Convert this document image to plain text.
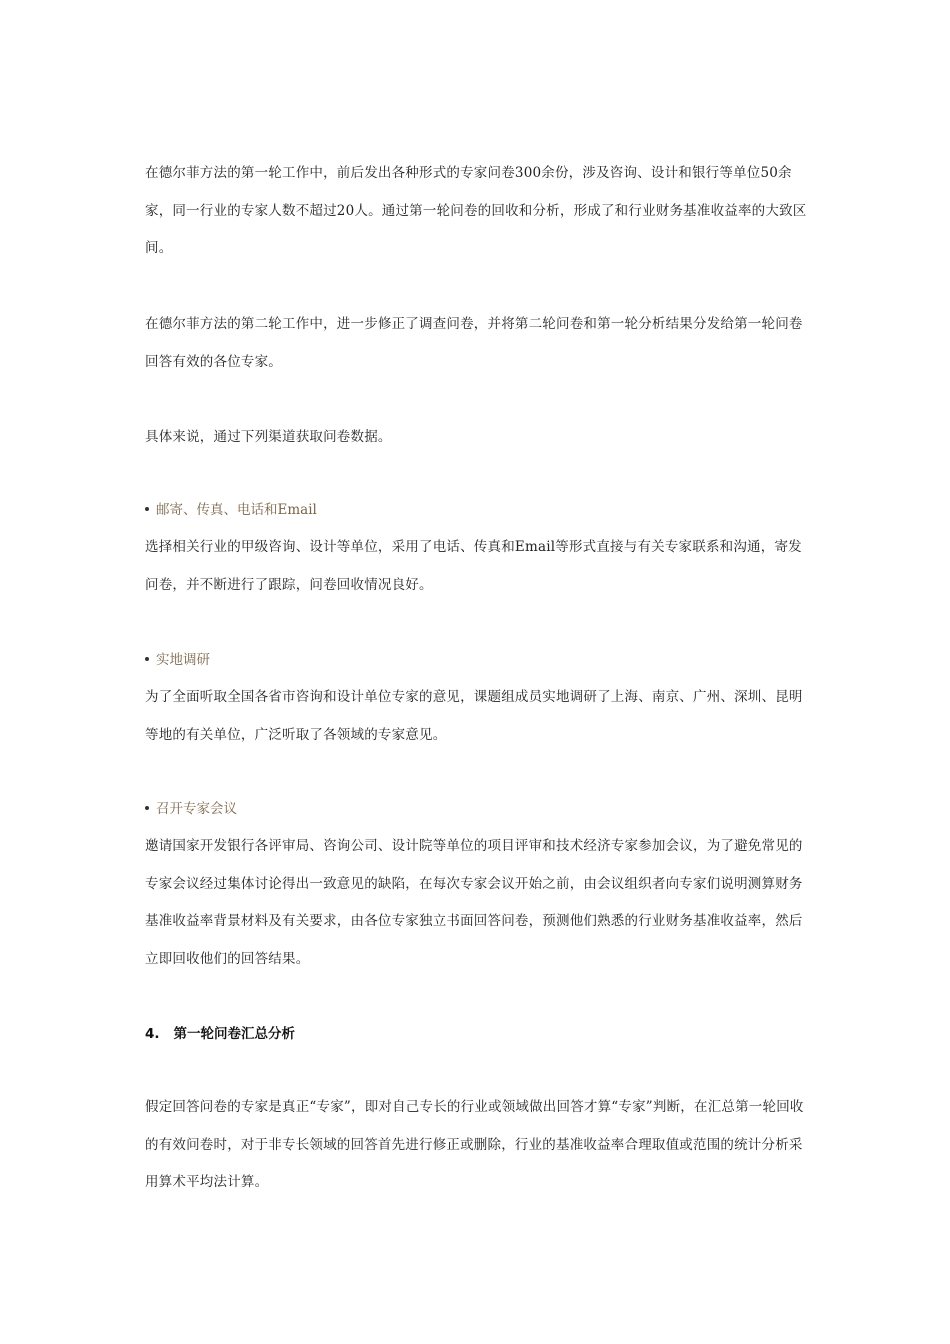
在德尔菲方法的第一轮工作中，前后发出各种形式的专家问卷300余份，涉及咨询、设计和银行等单位50余家，同一行业的专家人数不超过20人。通过第一轮问卷的回收和分析，形成了和行业财务基准收益率的大致区间。

在德尔菲方法的第二轮工作中，进一步修正了调查问卷，并将第二轮问卷和第一轮分析结果分发给第一轮问卷回答有效的各位专家。

具体来说，通过下列渠道获取问卷数据。

邮寄、传真、电话和Email

选择相关行业的甲级咨询、设计等单位，采用了电话、传真和Email等形式直接与有关专家联系和沟通，寄发问卷，并不断进行了跟踪，问卷回收情况良好。

实地调研

为了全面听取全国各省市咨询和设计单位专家的意见，课题组成员实地调研了上海、南京、广州、深圳、昆明等地的有关单位，广泛听取了各领域的专家意见。

召开专家会议

邀请国家开发银行各评审局、咨询公司、设计院等单位的项目评审和技术经济专家参加会议，为了避免常见的专家会议经过集体讨论得出一致意见的缺陷，在每次专家会议开始之前，由会议组织者向专家们说明测算财务基准收益率背景材料及有关要求，由各位专家独立书面回答问卷，预测他们熟悉的行业财务基准收益率，然后立即回收他们的回答结果。

4. 第一轮问卷汇总分析

假定回答问卷的专家是真正“专家”，即对自己专长的行业或领域做出回答才算“专家”判断，在汇总第一轮回收的有效问卷时，对于非专长领域的回答首先进行修正或删除，行业的基准收益率合理取值或范围的统计分析采用算术平均法计算。
